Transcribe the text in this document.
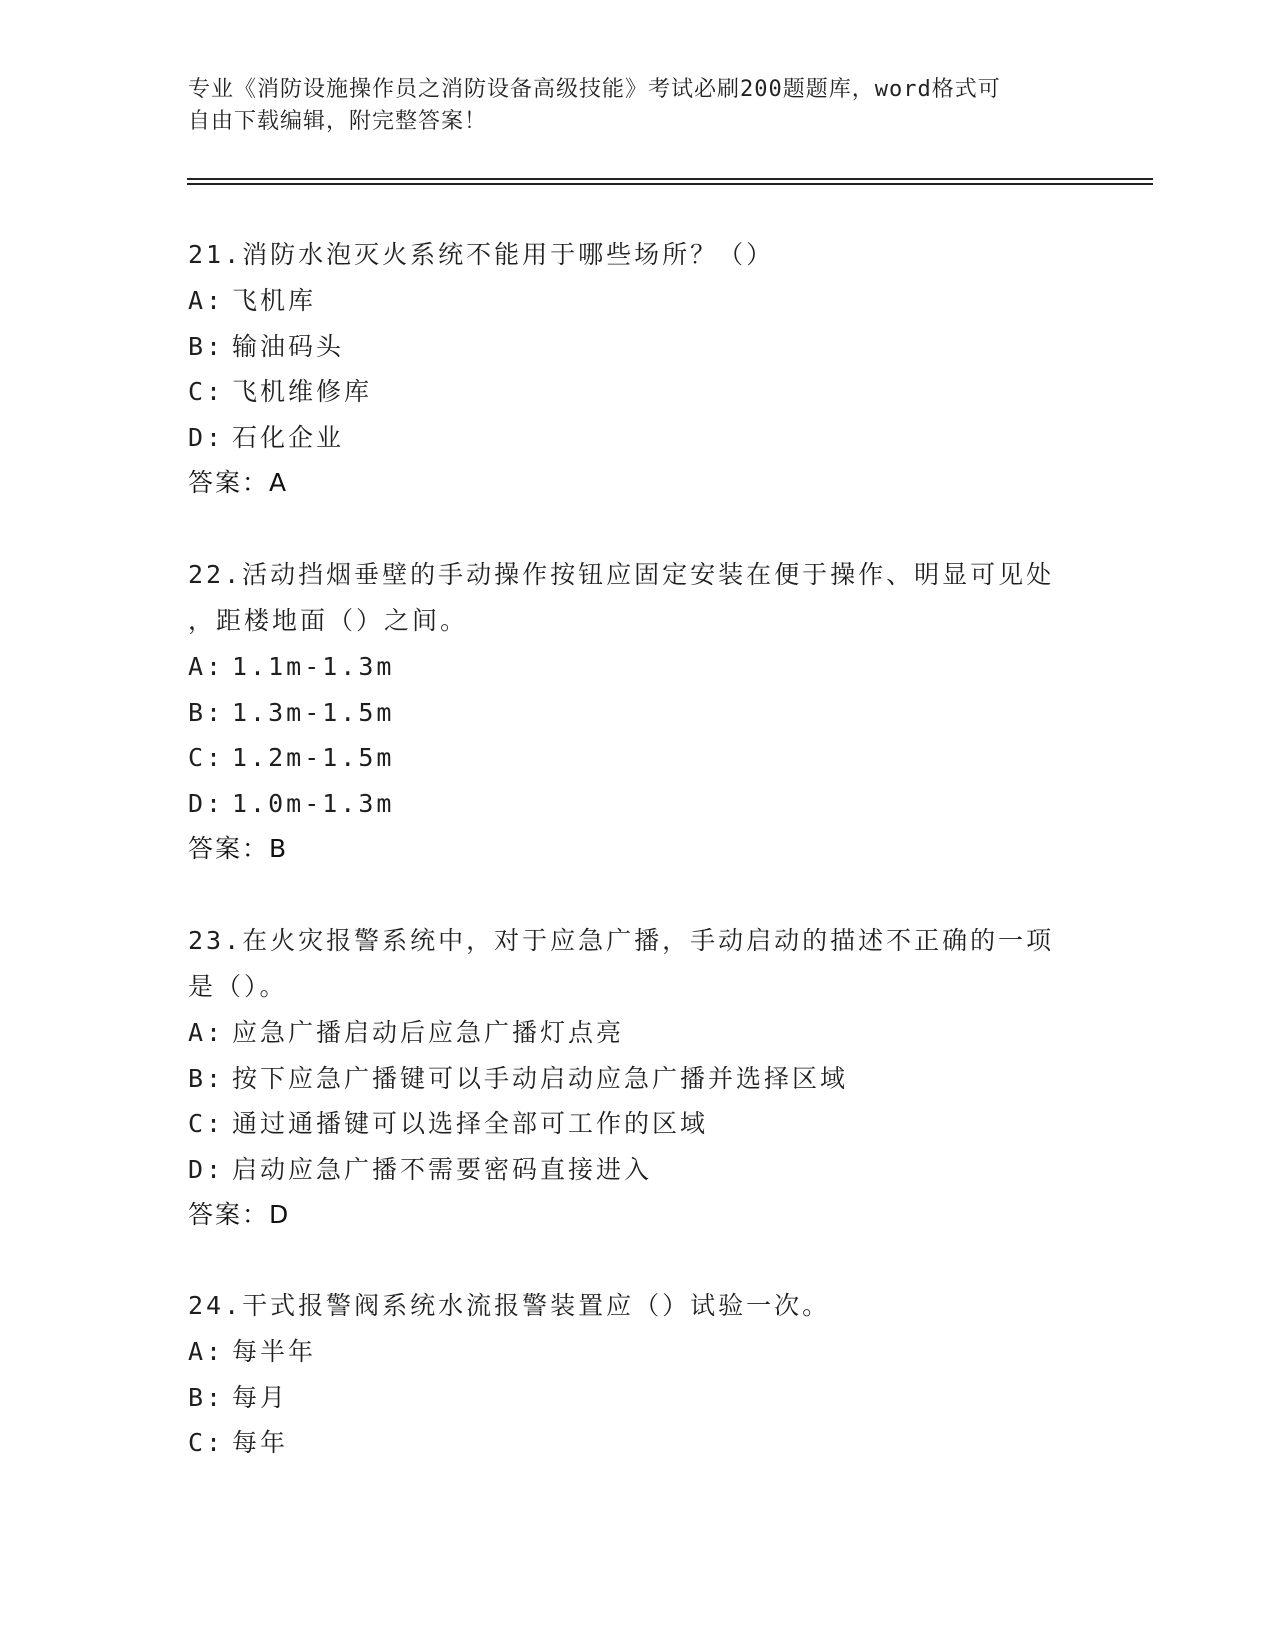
专业《消防设施操作员之消防设备高级技能》考试必刷200题题库，word格式可
自由下载编辑，附完整答案！
21.消防水泡灭火系统不能用于哪些场所？（）
A: 飞机库
B: 输油码头
C: 飞机维修库
D: 石化企业
答案：A
22.活动挡烟垂壁的手动操作按钮应固定安装在便于操作、明显可见处
，距楼地面（）之间。
A: 1.1m-1.3m
B: 1.3m-1.5m
C: 1.2m-1.5m
D: 1.0m-1.3m
答案：B
23.在火灾报警系统中，对于应急广播，手动启动的描述不正确的一项
是（）。
A: 应急广播启动后应急广播灯点亮
B: 按下应急广播键可以手动启动应急广播并选择区域
C: 通过通播键可以选择全部可工作的区域
D: 启动应急广播不需要密码直接进入
答案：D
24.干式报警阀系统水流报警装置应（）试验一次。
A: 每半年
B: 每月
C: 每年
